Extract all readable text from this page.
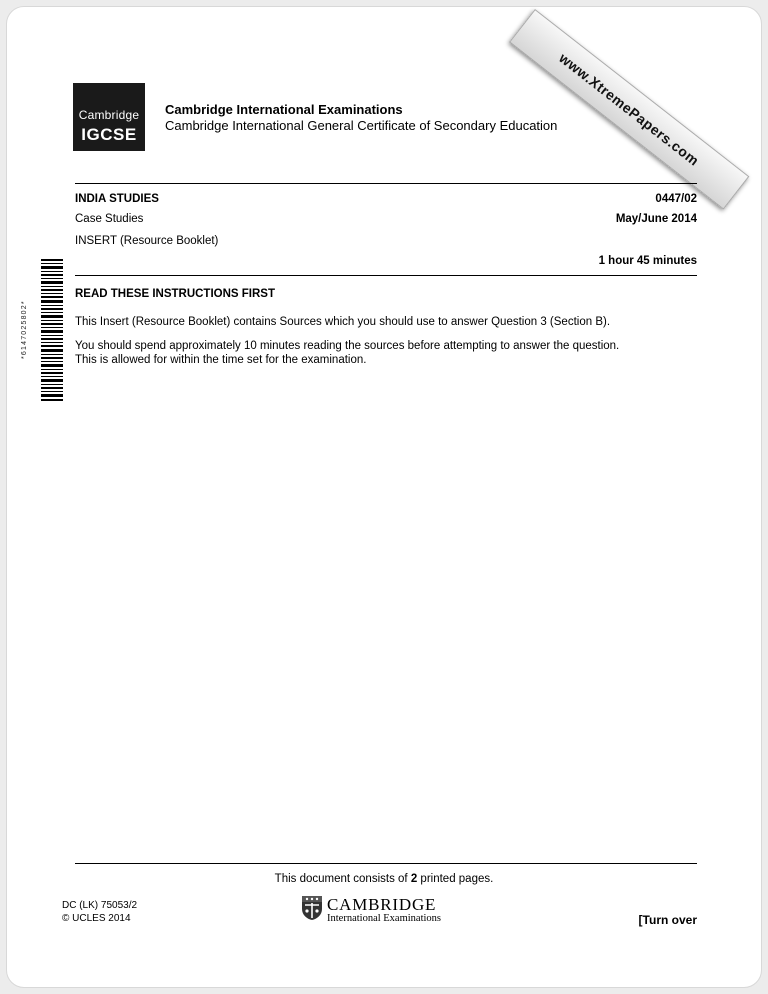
www.XtremePapers.com
Cambridge
IGCSE
Cambridge International Examinations
Cambridge International General Certificate of Secondary Education
INDIA STUDIES	0447/02
Case Studies	May/June 2014
INSERT (Resource Booklet)
1 hour 45 minutes
*6147025802*
READ THESE INSTRUCTIONS FIRST
This Insert (Resource Booklet) contains Sources which you should use to answer Question 3 (Section B).
You should spend approximately 10 minutes reading the sources before attempting to answer the question.
This is allowed for within the time set for the examination.
This document consists of 2 printed pages.
DC (LK) 75053/2
© UCLES 2014
CAMBRIDGE
International Examinations	[Turn over
